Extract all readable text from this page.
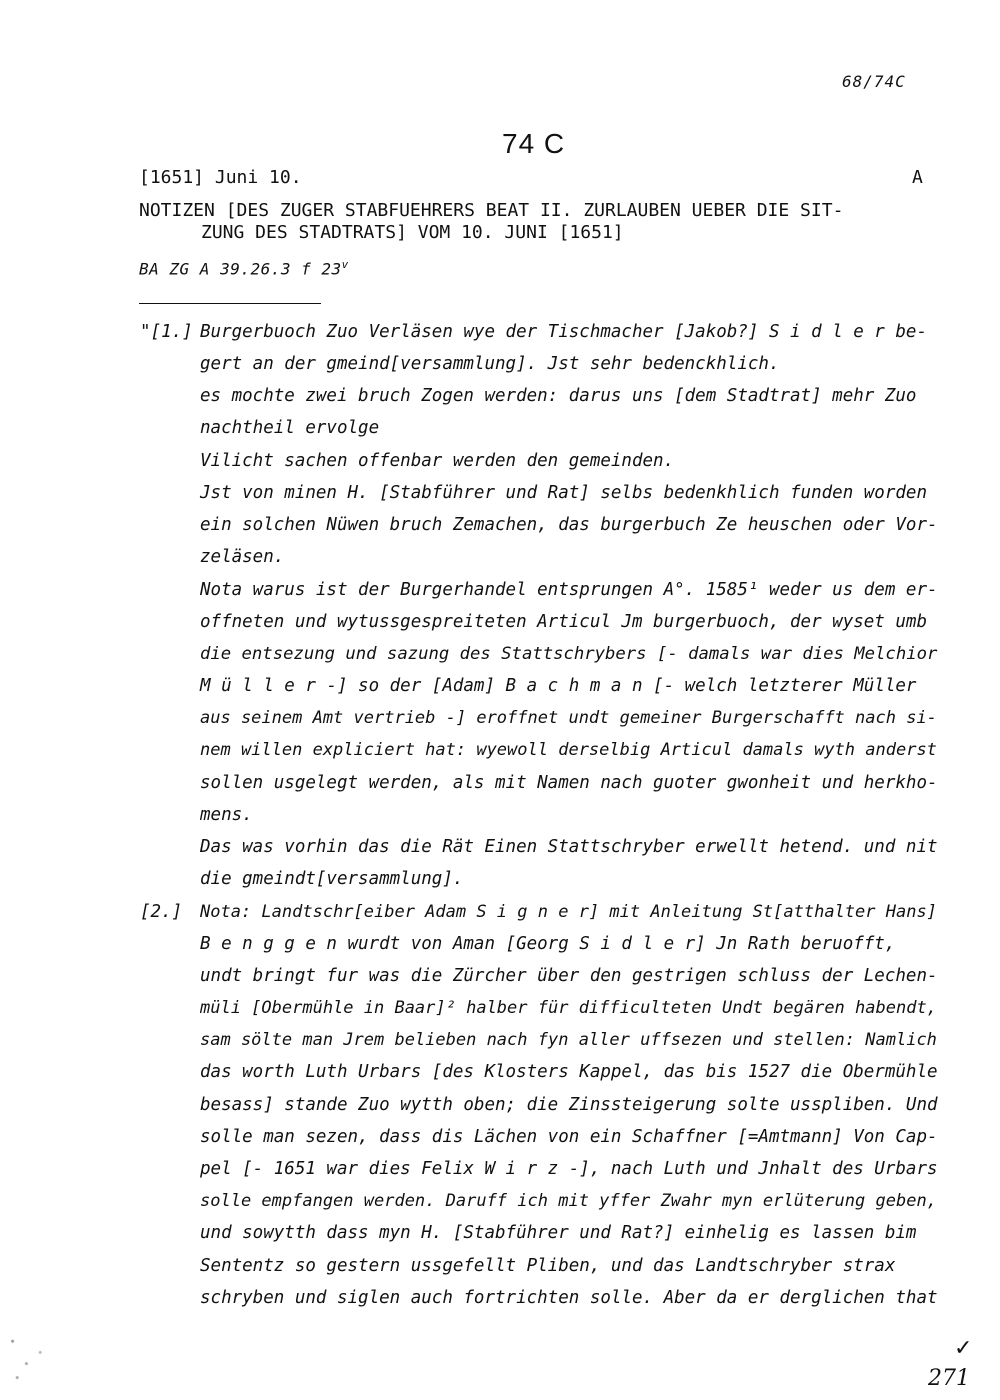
68/74C
74 C
[1651] Juni 10.	A
NOTIZEN [DES ZUGER STABFUEHRERS BEAT II. ZURLAUBEN UEBER DIE SIT-
ZUNG DES STADTRATS] VOM 10. JUNI [1651]
BA ZG A 39.26.3 f 23$^v$
"[1.]
[2.]
Burgerbuoch Zuo Verläsen wye der Tischmacher [Jakob?] S i d l e r be-
gert an der gmeind[versammlung]. Jst sehr bedenckhlich.
es mochte zwei bruch Zogen werden: darus uns [dem Stadtrat] mehr Zuo
nachtheil ervolge
Vilicht sachen offenbar werden den gemeinden.
Jst von minen H. [Stabführer und Rat] selbs bedenkhlich funden worden
ein solchen Nüwen bruch Zemachen, das burgerbuch Ze heuschen oder Vor-
zeläsen.
Nota warus ist der Burgerhandel entsprungen A°. 1585¹ weder us dem er-
offneten und wytussgespreiteten Articul Jm burgerbuoch, der wyset umb
die entsezung und sazung des Stattschrybers [- damals war dies Melchior
M ü l l e r -] so der [Adam] B a c h m a n [- welch letzterer Müller
aus seinem Amt vertrieb -] eroffnet undt gemeiner Burgerschafft nach si-
nem willen expliciert hat: wyewoll derselbig Articul damals wyth anderst
sollen usgelegt werden, als mit Namen nach guoter gwonheit und herkho-
mens.
Das was vorhin das die Rät Einen Stattschryber erwellt hetend. und nit
die gmeindt[versammlung].
Nota: Landtschr[eiber Adam S i g n e r] mit Anleitung St[atthalter Hans]
B e n g g e n wurdt von Aman [Georg S i d l e r] Jn Rath beruofft,
undt bringt fur was die Zürcher über den gestrigen schluss der Lechen-
müli [Obermühle in Baar]² halber für difficulteten Undt begären habendt,
sam sölte man Jrem belieben nach fyn aller uffsezen und stellen: Namlich
das worth Luth Urbars [des Klosters Kappel, das bis 1527 die Obermühle
besass] stande Zuo wytth oben; die Zinssteigerung solte usspliben. Und
solle man sezen, dass dis Lächen von ein Schaffner [=Amtmann] Von Cap-
pel [- 1651 war dies Felix W i r z -], nach Luth und Jnhalt des Urbars
solle empfangen werden. Daruff ich mit yffer Zwahr myn erlüterung geben,
und sowytth dass myn H. [Stabführer und Rat?] einhelig es lassen bim
Sententz so gestern ussgefellt Pliben, und das Landtschryber strax
schryben und siglen auch fortrichten solle. Aber da er derglichen that
✓
271
